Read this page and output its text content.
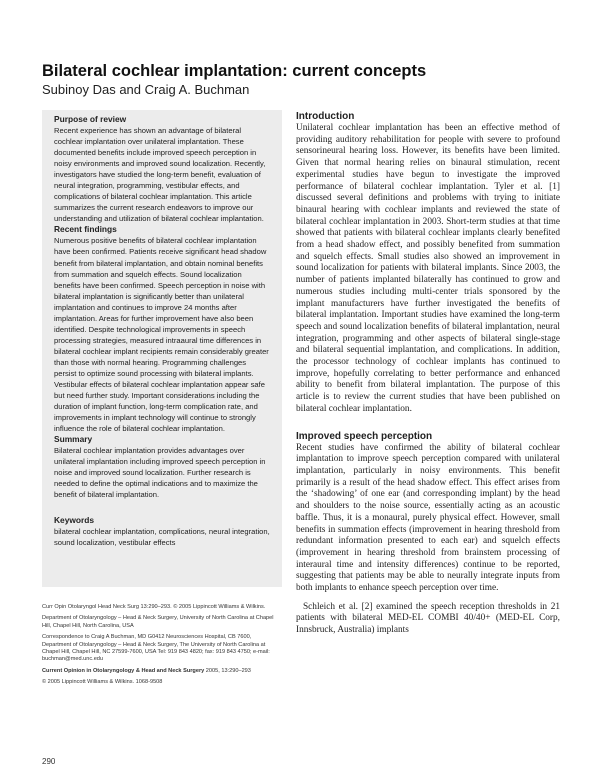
Bilateral cochlear implantation: current concepts
Subinoy Das and Craig A. Buchman

Purpose of review

Recent experience has shown an advantage of bilateral cochlear implantation over unilateral implantation. These documented benefits include improved speech perception in noisy environments and improved sound localization. Recently, investigators have studied the long-term benefit, evaluation of neural integration, programming, vestibular effects, and complications of bilateral cochlear implantation. This article summarizes the current research endeavors to improve our understanding and utilization of bilateral cochlear implantation.

Recent findings

Numerous positive benefits of bilateral cochlear implantation have been confirmed. Patients receive significant head shadow benefit from bilateral implantation, and obtain nominal benefits from summation and squelch effects. Sound localization benefits have been confirmed. Speech perception in noise with bilateral implantation is significantly better than unilateral implantation and continues to improve 24 months after implantation. Areas for further improvement have also been identified. Despite technological improvements in speech processing strategies, measured intraaural time differences in bilateral cochlear implant recipients remain considerably greater than those with normal hearing. Programming challenges persist to optimize sound processing with bilateral implants. Vestibular effects of bilateral cochlear implantation appear safe but need further study. Important considerations including the duration of implant function, long-term complication rate, and improvements in implant technology will continue to strongly influence the role of bilateral cochlear implantation.

Summary

Bilateral cochlear implantation provides advantages over unilateral implantation including improved speech perception in noise and improved sound localization. Further research is needed to define the optimal indications and to maximize the benefit of bilateral implantation.

Keywords

bilateral cochlear implantation, complications, neural integration, sound localization, vestibular effects

Curr Opin Otolaryngol Head Neck Surg 13:290–293. © 2005 Lippincott Williams & Wilkins.

Department of Otolaryngology – Head & Neck Surgery, University of North Carolina at Chapel Hill, Chapel Hill, North Carolina, USA

Correspondence to Craig A Buchman, MD G0412 Neurosciences Hospital, CB 7600, Department of Otolaryngology – Head & Neck Surgery, The University of North Carolina at Chapel Hill, Chapel Hill, NC 27599-7600, USA Tel: 919 843 4820; fax: 919 843 4750; e-mail: buchman@med.unc.edu

Current Opinion in Otolaryngology & Head and Neck Surgery 2005, 13:290–293

© 2005 Lippincott Williams & Wilkins. 1068-9508

290

Introduction

Unilateral cochlear implantation has been an effective method of providing auditory rehabilitation for people with severe to profound sensorineural hearing loss. However, its benefits have been limited. Given that normal hearing relies on binaural stimulation, recent experimental studies have begun to investigate the improved performance of bilateral cochlear implantation. Tyler et al. [1] discussed several definitions and problems with trying to initiate binaural hearing with cochlear implants and reviewed the state of bilateral cochlear implantation in 2003. Short-term studies at that time showed that patients with bilateral cochlear implants clearly benefited from a head shadow effect, and possibly benefited from summation and squelch effects. Small studies also showed an improvement in sound localization for patients with bilateral implants. Since 2003, the number of patients implanted bilaterally has continued to grow and numerous studies including multi-center trials sponsored by the implant manufacturers have further investigated the benefits of bilateral implantation. Important studies have examined the long-term speech and sound localization benefits of bilateral implantation, neural integration, programming and other aspects of bilateral single-stage and bilateral sequential implantation, and complications. In addition, the processor technology of cochlear implants has continued to improve, hopefully correlating to better performance and enhanced ability to benefit from bilateral implantation. The purpose of this article is to review the current studies that have been published on bilateral cochlear implantation.

Improved speech perception

Recent studies have confirmed the ability of bilateral cochlear implantation to improve speech perception compared with unilateral implantation, particularly in noisy environments. This benefit primarily is a result of the head shadow effect. This effect arises from the ‘shadowing’ of one ear (and corresponding implant) by the head and shoulders to the noise source, essentially acting as an acoustic baffle. Thus, it is a monaural, purely physical effect. However, small benefits in summation effects (improvement in hearing threshold from redundant information presented to each ear) and squelch effects (improvement in hearing threshold from brainstem processing of interaural time and intensity differences) continue to be reported, suggesting that patients may be able to neurally integrate inputs from both implants to enhance speech perception over time.

Schleich et al. [2] examined the speech reception thresholds in 21 patients with bilateral MED-EL COMBI 40/40+ (MED-EL Corp, Innsbruck, Australia) implants
